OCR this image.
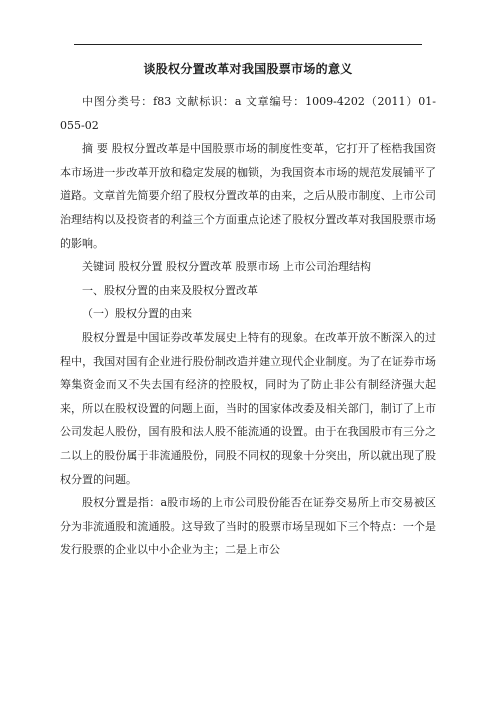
谈股权分置改革对我国股票市场的意义

中图分类号：f83 文献标识：a 文章编号：1009-4202（2011）01-055-02

摘 要 股权分置改革是中国股票市场的制度性变革，它打开了桎梏我国资本市场进一步改革开放和稳定发展的枷锁，为我国资本市场的规范发展铺平了道路。文章首先简要介绍了股权分置改革的由来，之后从股市制度、上市公司治理结构以及投资者的利益三个方面重点论述了股权分置改革对我国股票市场的影响。

关键词 股权分置 股权分置改革 股票市场 上市公司治理结构

一、股权分置的由来及股权分置改革

（一）股权分置的由来

股权分置是中国证券改革发展史上特有的现象。在改革开放不断深入的过程中，我国对国有企业进行股份制改造并建立现代企业制度。为了在证券市场筹集资金而又不失去国有经济的控股权，同时为了防止非公有制经济强大起来，所以在股权设置的问题上面，当时的国家体改委及相关部门，制订了上市公司发起人股份，国有股和法人股不能流通的设置。由于在我国股市有三分之二以上的股份属于非流通股份，同股不同权的现象十分突出，所以就出现了股权分置的问题。

股权分置是指：a股市场的上市公司股份能否在证券交易所上市交易被区分为非流通股和流通股。这导致了当时的股票市场呈现如下三个特点：一个是发行股票的企业以中小企业为主；二是上市公
